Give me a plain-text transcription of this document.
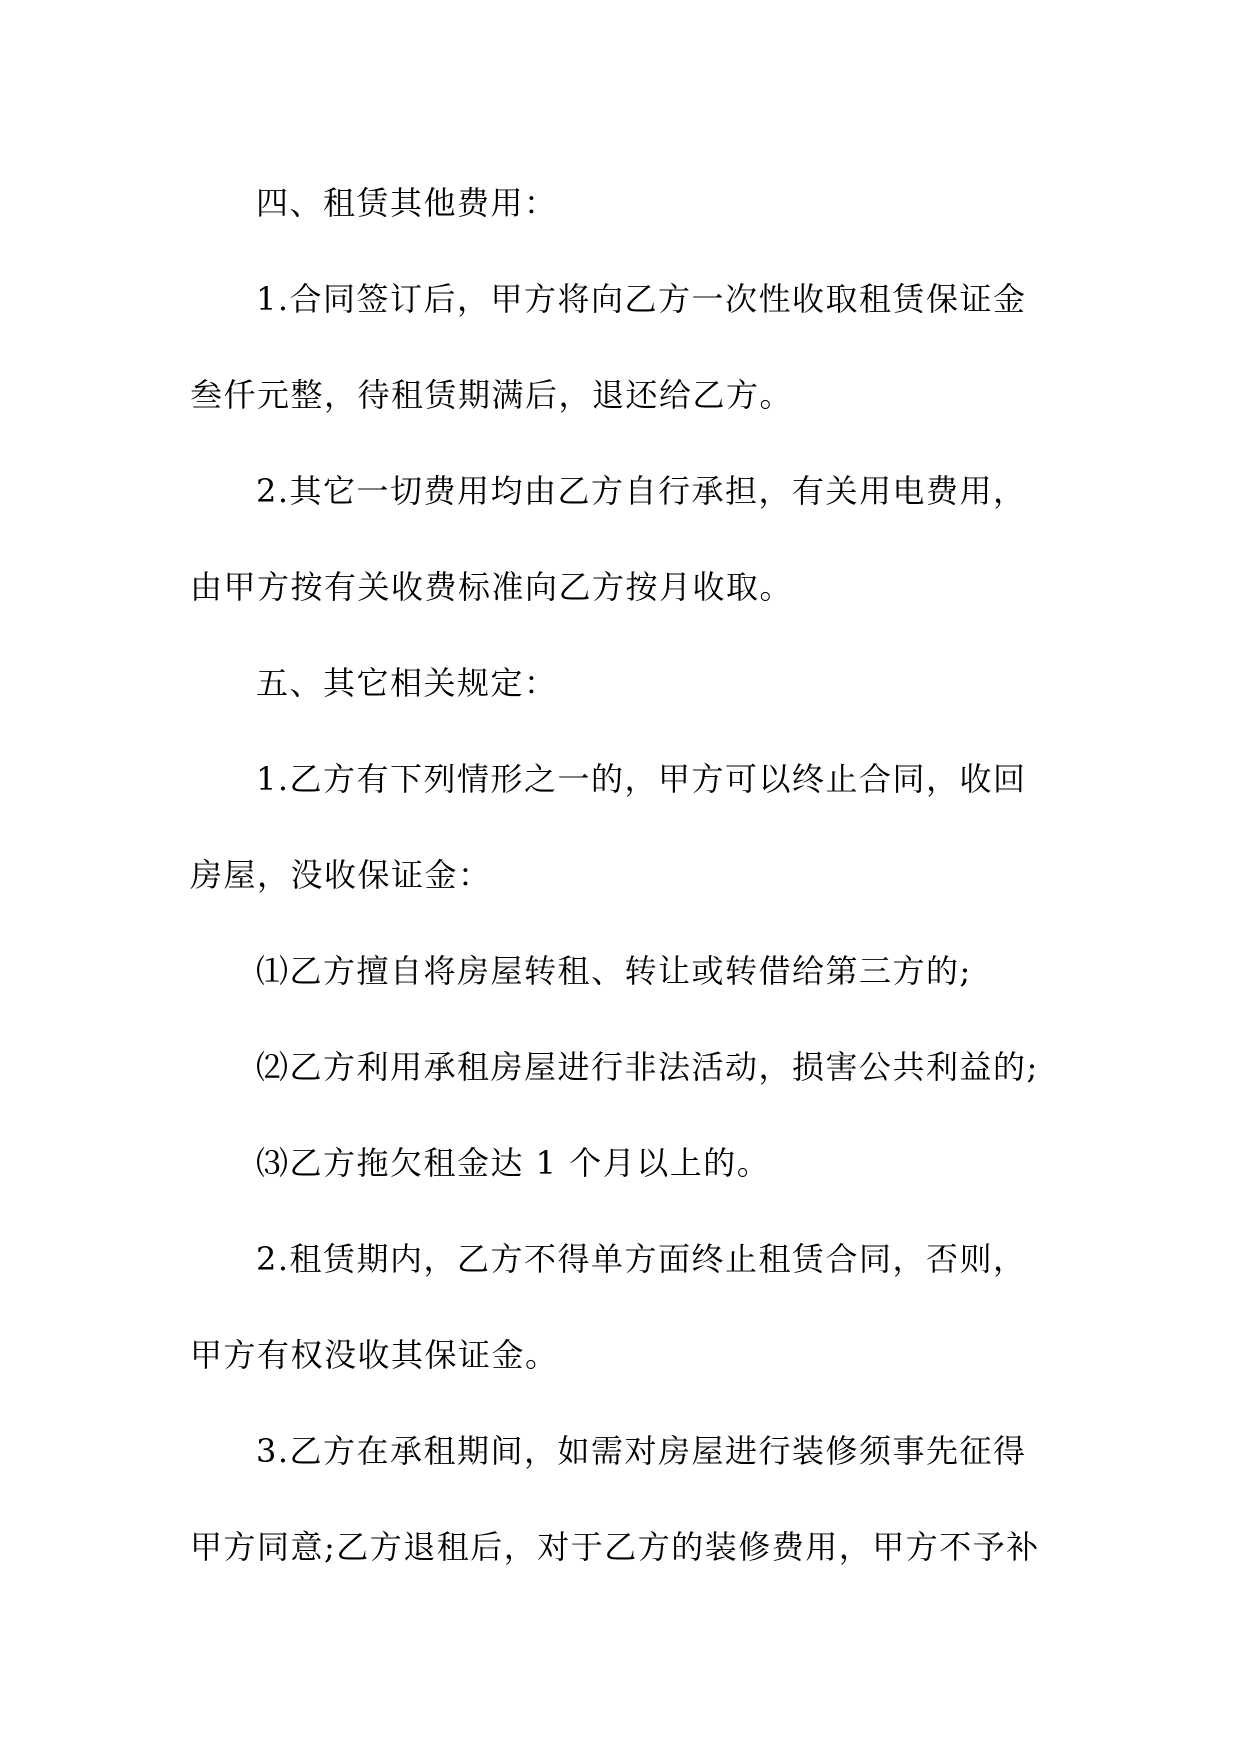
四、租赁其他费用：

1.合同签订后，甲方将向乙方一次性收取租赁保证金

叁仟元整，待租赁期满后，退还给乙方。

2.其它一切费用均由乙方自行承担，有关用电费用，

由甲方按有关收费标准向乙方按月收取。

五、其它相关规定：

1.乙方有下列情形之一的，甲方可以终止合同，收回

房屋，没收保证金：

⑴乙方擅自将房屋转租、转让或转借给第三方的;

⑵乙方利用承租房屋进行非法活动，损害公共利益的;

⑶乙方拖欠租金达 1 个月以上的。

2.租赁期内，乙方不得单方面终止租赁合同，否则，

甲方有权没收其保证金。

3.乙方在承租期间，如需对房屋进行装修须事先征得

甲方同意;乙方退租后，对于乙方的装修费用，甲方不予补
